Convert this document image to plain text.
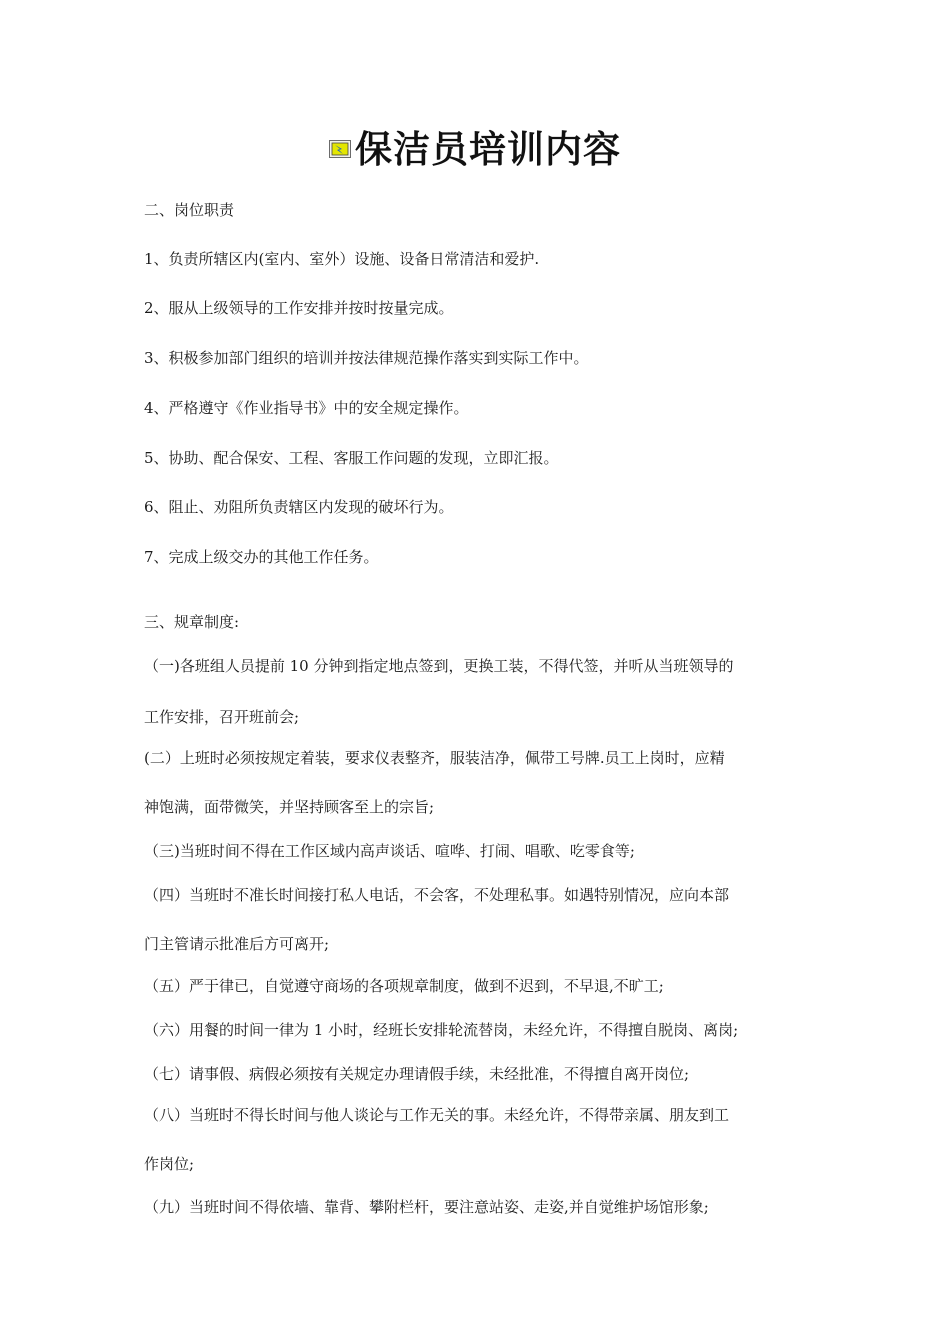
保洁员培训内容
二、岗位职责
1、负责所辖区内(室内、室外）设施、设备日常清洁和爱护.
2、服从上级领导的工作安排并按时按量完成。
3、积极参加部门组织的培训并按法律规范操作落实到实际工作中。
4、严格遵守《作业指导书》中的安全规定操作。
5、协助、配合保安、工程、客服工作问题的发现，立即汇报。
6、阻止、劝阻所负责辖区内发现的破坏行为。
7、完成上级交办的其他工作任务。
三、规章制度:
（一)各班组人员提前 10 分钟到指定地点签到，更换工装，不得代签，并听从当班领导的
工作安排，召开班前会;
(二）上班时必须按规定着装，要求仪表整齐，服装洁净，佩带工号牌.员工上岗时，应精
神饱满，面带微笑，并坚持顾客至上的宗旨;
（三)当班时间不得在工作区域内高声谈话、喧哗、打闹、唱歌、吃零食等;
（四）当班时不准长时间接打私人电话，不会客，不处理私事。如遇特别情况，应向本部
门主管请示批准后方可离开;
（五）严于律已，自觉遵守商场的各项规章制度，做到不迟到，不早退,不旷工;
（六）用餐的时间一律为 1 小时，经班长安排轮流替岗，未经允许，不得擅自脱岗、离岗;
（七）请事假、病假必须按有关规定办理请假手续，未经批准，不得擅自离开岗位;
（八）当班时不得长时间与他人谈论与工作无关的事。未经允许，不得带亲属、朋友到工
作岗位;
（九）当班时间不得依墙、靠背、攀附栏杆，要注意站姿、走姿,并自觉维护场馆形象;
